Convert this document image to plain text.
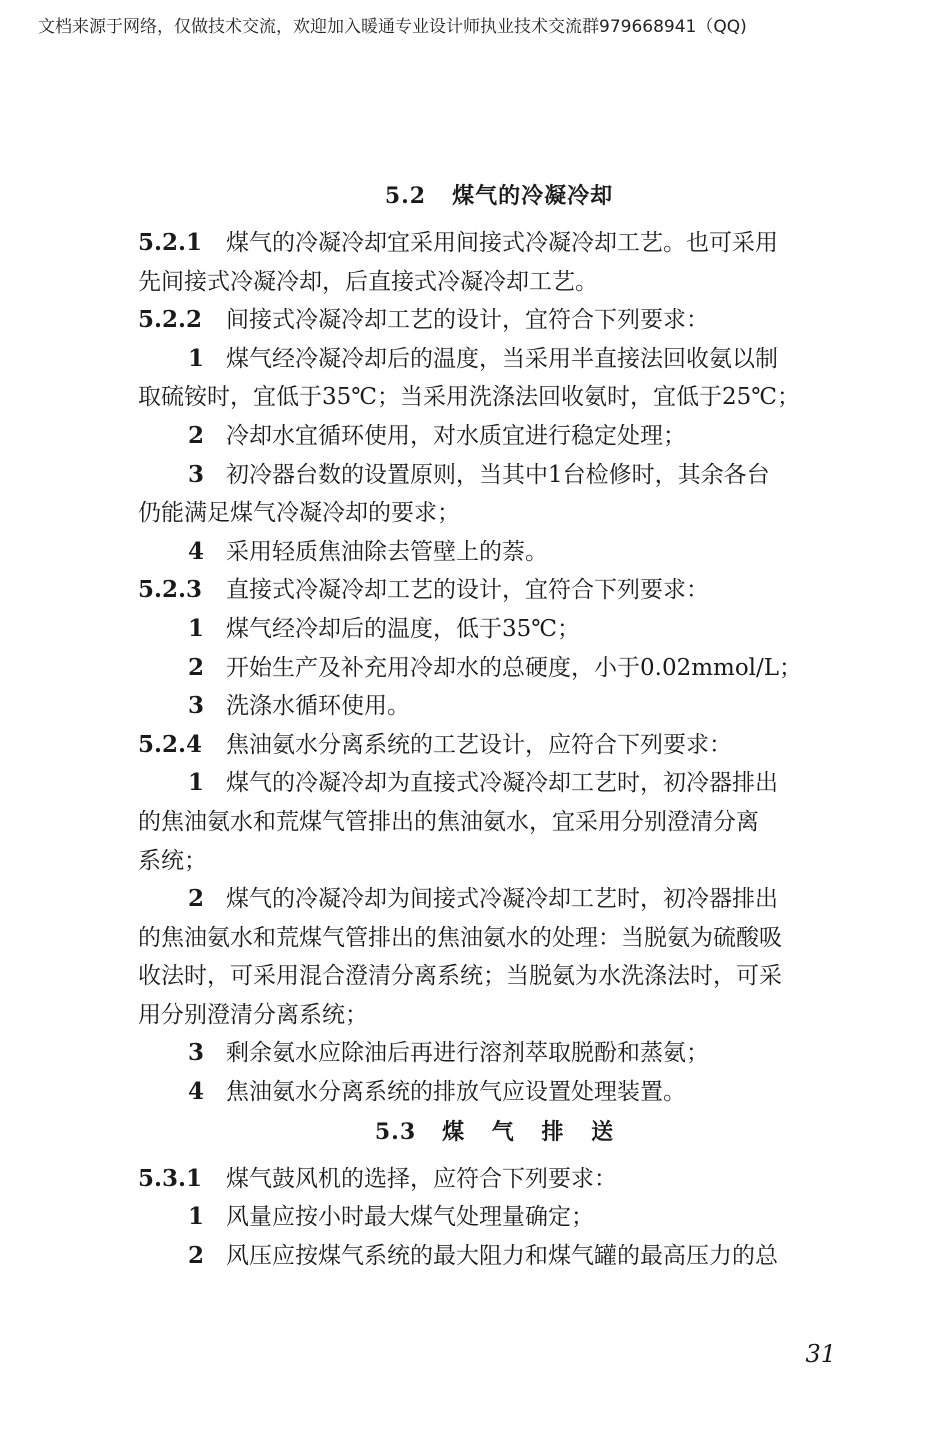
文档来源于网络，仅做技术交流，欢迎加入暖通专业设计师执业技术交流群979668941（QQ)
5.2 煤气的冷凝冷却
5.2.1 煤气的冷凝冷却宜采用间接式冷凝冷却工艺。也可采用
先间接式冷凝冷却，后直接式冷凝冷却工艺。
5.2.2 间接式冷凝冷却工艺的设计，宜符合下列要求：
1 煤气经冷凝冷却后的温度，当采用半直接法回收氨以制
取硫铵时，宜低于35℃；当采用洗涤法回收氨时，宜低于25℃；
2 冷却水宜循环使用，对水质宜进行稳定处理；
3 初冷器台数的设置原则，当其中1台检修时，其余各台
仍能满足煤气冷凝冷却的要求；
4 采用轻质焦油除去管壁上的萘。
5.2.3 直接式冷凝冷却工艺的设计，宜符合下列要求：
1 煤气经冷却后的温度，低于35℃；
2 开始生产及补充用冷却水的总硬度，小于0.02mmol/L；
3 洗涤水循环使用。
5.2.4 焦油氨水分离系统的工艺设计，应符合下列要求：
1 煤气的冷凝冷却为直接式冷凝冷却工艺时，初冷器排出
的焦油氨水和荒煤气管排出的焦油氨水，宜采用分别澄清分离
系统；
2 煤气的冷凝冷却为间接式冷凝冷却工艺时，初冷器排出
的焦油氨水和荒煤气管排出的焦油氨水的处理：当脱氨为硫酸吸
收法时，可采用混合澄清分离系统；当脱氨为水洗涤法时，可采
用分别澄清分离系统；
3 剩余氨水应除油后再进行溶剂萃取脱酚和蒸氨；
4 焦油氨水分离系统的排放气应设置处理装置。
5.3 煤 气 排 送
5.3.1 煤气鼓风机的选择，应符合下列要求：
1 风量应按小时最大煤气处理量确定；
2 风压应按煤气系统的最大阻力和煤气罐的最高压力的总
31
